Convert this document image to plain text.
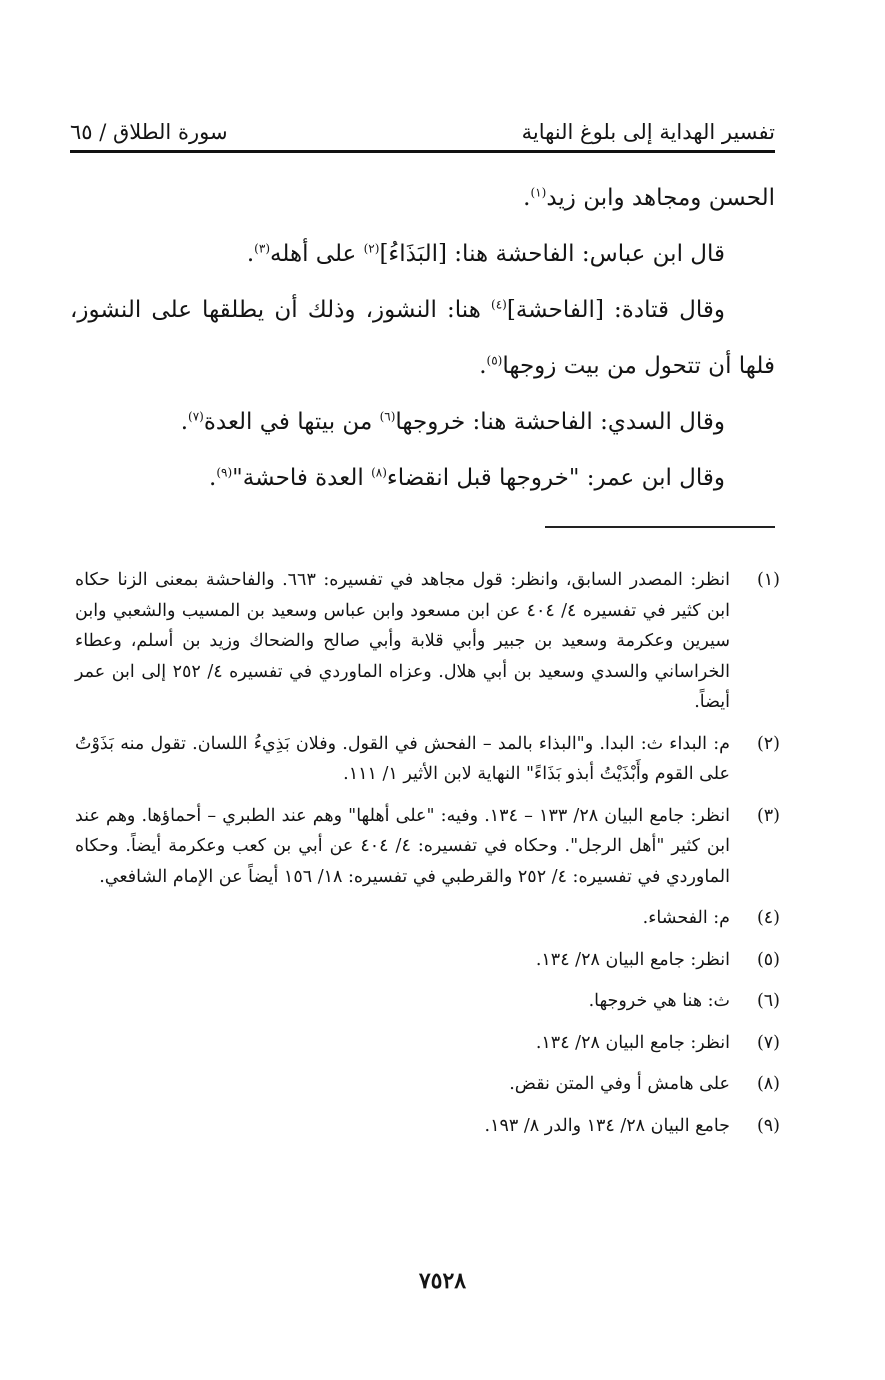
تفسير الهداية إلى بلوغ النهاية
سورة الطلاق / ٦٥

الحسن ومجاهد وابن زيد$^{(١)}$.

قال ابن عباس: الفاحشة هنا: [البَذَاءُ]$^{(٢)}$ على أهله$^{(٣)}$.

وقال قتادة: [الفاحشة]$^{(٤)}$ هنا: النشوز، وذلك أن يطلقها على النشوز، فلها أن تتحول من بيت زوجها$^{(٥)}$.

وقال السدي: الفاحشة هنا: خروجها$^{(٦)}$ من بيتها في العدة$^{(٧)}$.

وقال ابن عمر: "خروجها قبل انقضاء$^{(٨)}$ العدة فاحشة"$^{(٩)}$.

(١)
انظر: المصدر السابق، وانظر: قول مجاهد في تفسيره: ٦٦٣. والفاحشة بمعنى الزنا حكاه ابن كثير في تفسيره ٤/ ٤٠٤ عن ابن مسعود وابن عباس وسعيد بن المسيب والشعبي وابن سيرين وعكرمة وسعيد بن جبير وأبي قلابة وأبي صالح والضحاك وزيد بن أسلم، وعطاء الخراساني والسدي وسعيد بن أبي هلال. وعزاه الماوردي في تفسيره ٤/ ٢٥٢ إلى ابن عمر أيضاً.
(٢)
م: البداء ث: البدا. و"البذاء بالمد – الفحش في القول. وفلان بَذِيءُ اللسان. تقول منه بَذَوْتُ على القوم وأَبْذَيْتُ أبذو بَذَاءً" النهاية لابن الأثير ١/ ١١١.
(٣)
انظر: جامع البيان ٢٨/ ١٣٣ – ١٣٤. وفيه: "على أهلها" وهم عند الطبري – أحماؤها. وهم عند ابن كثير "أهل الرجل". وحكاه في تفسيره: ٤/ ٤٠٤ عن أبي بن كعب وعكرمة أيضاً. وحكاه الماوردي في تفسيره: ٤/ ٢٥٢ والقرطبي في تفسيره: ١٨/ ١٥٦ أيضاً عن الإمام الشافعي.
(٤)
م: الفحشاء.
(٥)
انظر: جامع البيان ٢٨/ ١٣٤.
(٦)
ث: هنا هي خروجها.
(٧)
انظر: جامع البيان ٢٨/ ١٣٤.
(٨)
على هامش أ وفي المتن نقض.
(٩)
جامع البيان ٢٨/ ١٣٤ والدر ٨/ ١٩٣.
٧٥٢٨
